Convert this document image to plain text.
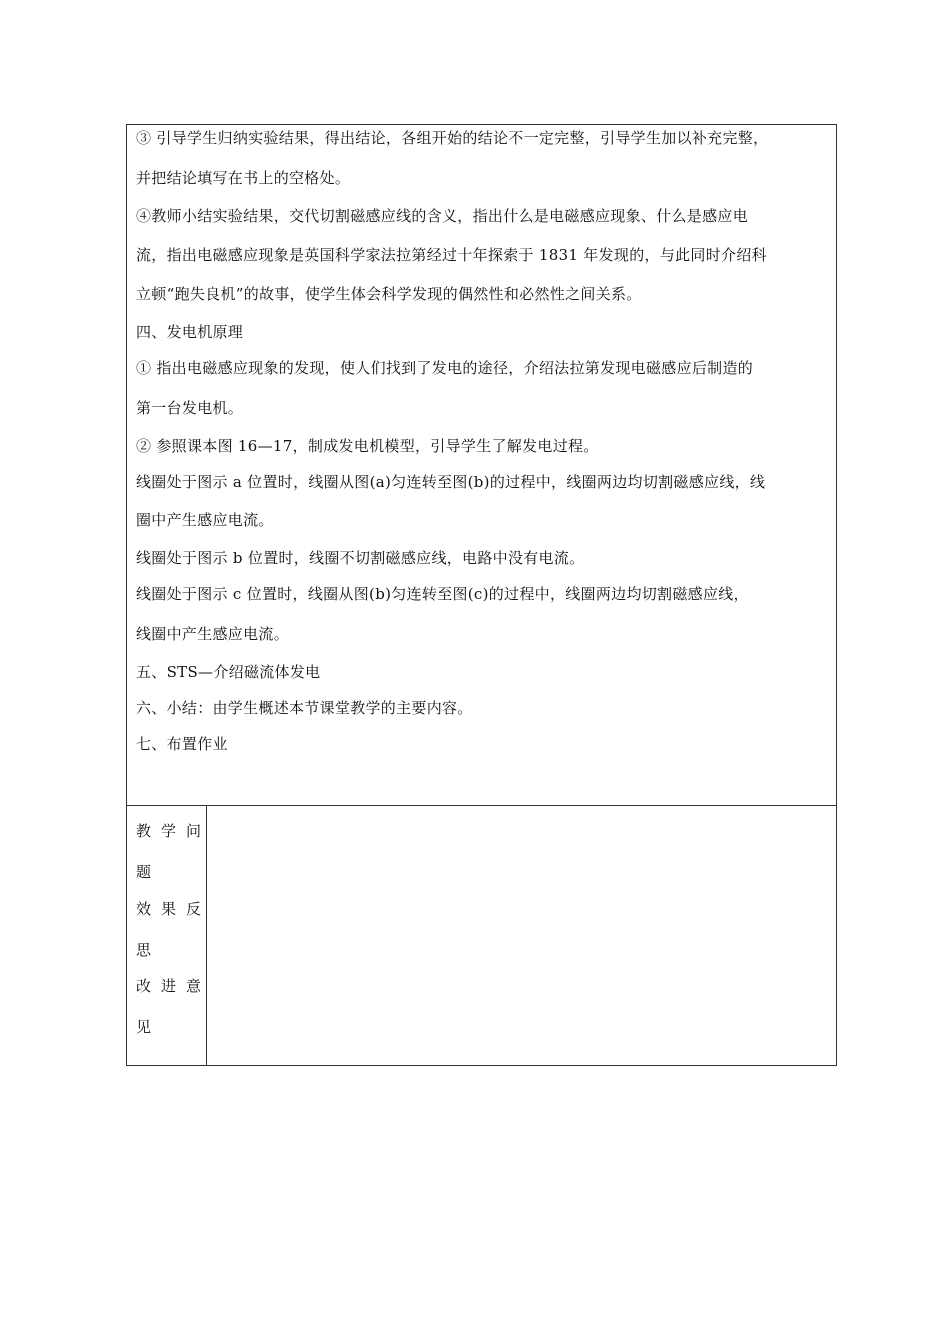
③ 引导学生归纳实验结果，得出结论，各组开始的结论不一定完整，引导学生加以补充完整，
并把结论填写在书上的空格处。
④教师小结实验结果，交代切割磁感应线的含义，指出什么是电磁感应现象、什么是感应电
流，指出电磁感应现象是英国科学家法拉第经过十年探索于 1831 年发现的，与此同时介绍科
立顿“跑失良机”的故事，使学生体会科学发现的偶然性和必然性之间关系。
四、发电机原理
① 指出电磁感应现象的发现，使人们找到了发电的途径，介绍法拉第发现电磁感应后制造的
第一台发电机。
② 参照课本图 16—17，制成发电机模型，引导学生了解发电过程。
线圈处于图示 a 位置时，线圈从图(a)匀连转至图(b)的过程中，线圈两边均切割磁感应线，线
圈中产生感应电流。
线圈处于图示 b 位置时，线圈不切割磁感应线，电路中没有电流。
线圈处于图示 c 位置时，线圈从图(b)匀连转至图(c)的过程中，线圈两边均切割磁感应线，
线圈中产生感应电流。
五、STS—介绍磁流体发电
六、小结：由学生概述本节课堂教学的主要内容。
七、布置作业
教学问
题
效果反
思
改进意
见
